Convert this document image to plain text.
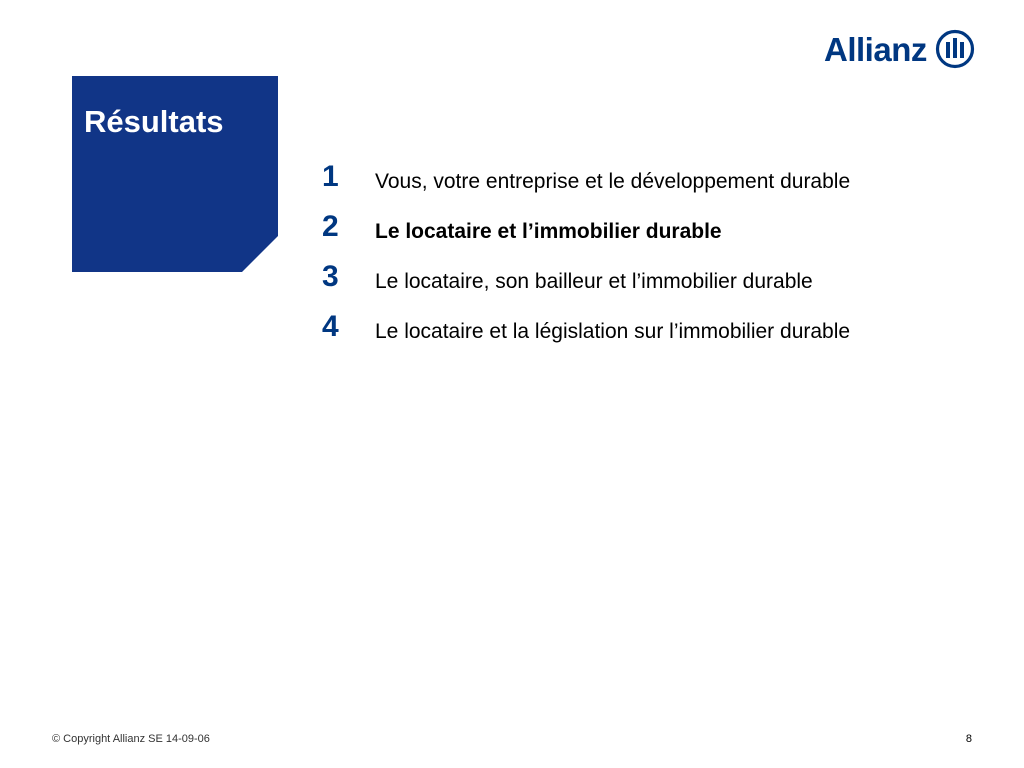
Allianz
Résultats
1	Vous, votre entreprise et le développement durable
2	Le locataire et l’immobilier durable
3	Le locataire, son bailleur et l’immobilier durable
4	Le locataire et la législation sur l’immobilier durable
© Copyright Allianz SE 14-09-06	8
